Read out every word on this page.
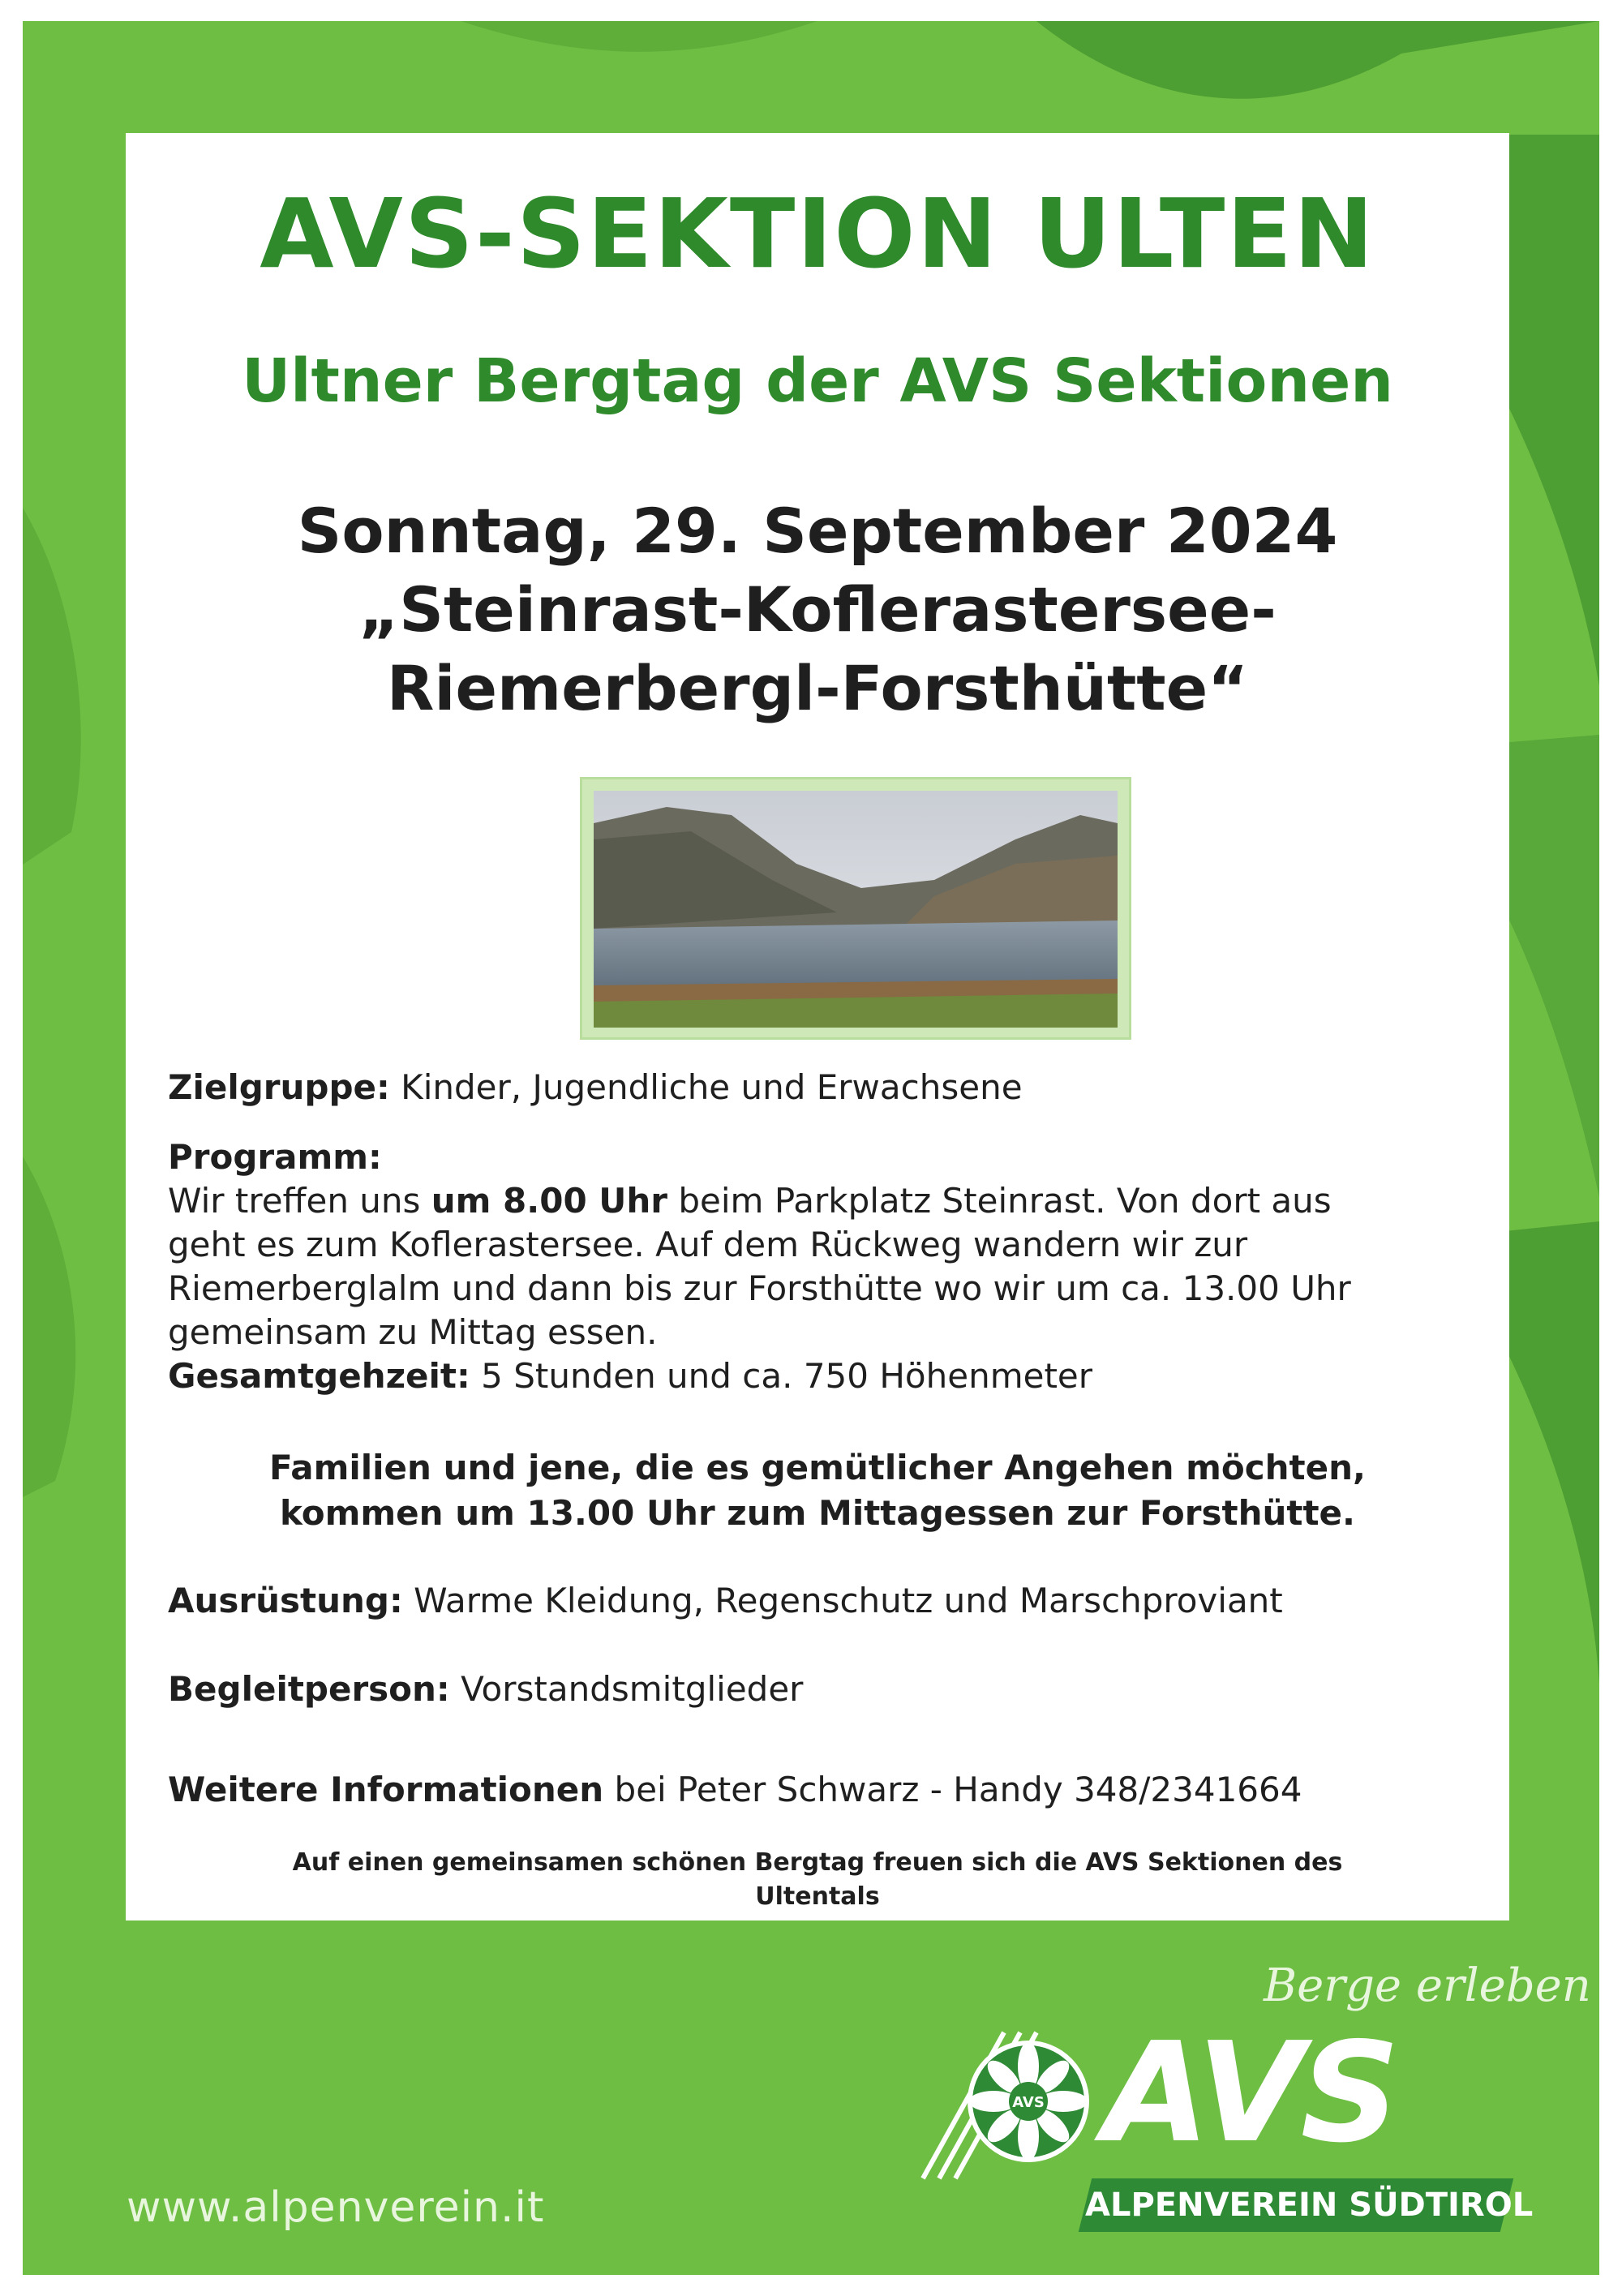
AVS-SEKTION ULTEN
Ultner Bergtag der AVS Sektionen
Sonntag, 29. September 2024
„Steinrast-Koflerastersee-
Riemerbergl-Forsthütte“
Zielgruppe: Kinder, Jugendliche und Erwachsene
Programm:
Wir treffen uns um 8.00 Uhr beim Parkplatz Steinrast. Von dort aus
geht es zum Koflerastersee. Auf dem Rückweg wandern wir zur
Riemerberglalm und dann bis zur Forsthütte wo wir um ca. 13.00 Uhr
gemeinsam zu Mittag essen.
Gesamtgehzeit: 5 Stunden und ca. 750 Höhenmeter
Familien und jene, die es gemütlicher Angehen möchten,
kommen um 13.00 Uhr zum Mittagessen zur Forsthütte.
Ausrüstung: Warme Kleidung, Regenschutz und Marschproviant
Begleitperson: Vorstandsmitglieder
Weitere Informationen bei Peter Schwarz - Handy 348/2341664
Auf einen gemeinsamen schönen Bergtag freuen sich die AVS Sektionen des
Ultentals
Berge erleben
www.alpenverein.it
AVS AVS
ALPENVEREIN SÜDTIROL
